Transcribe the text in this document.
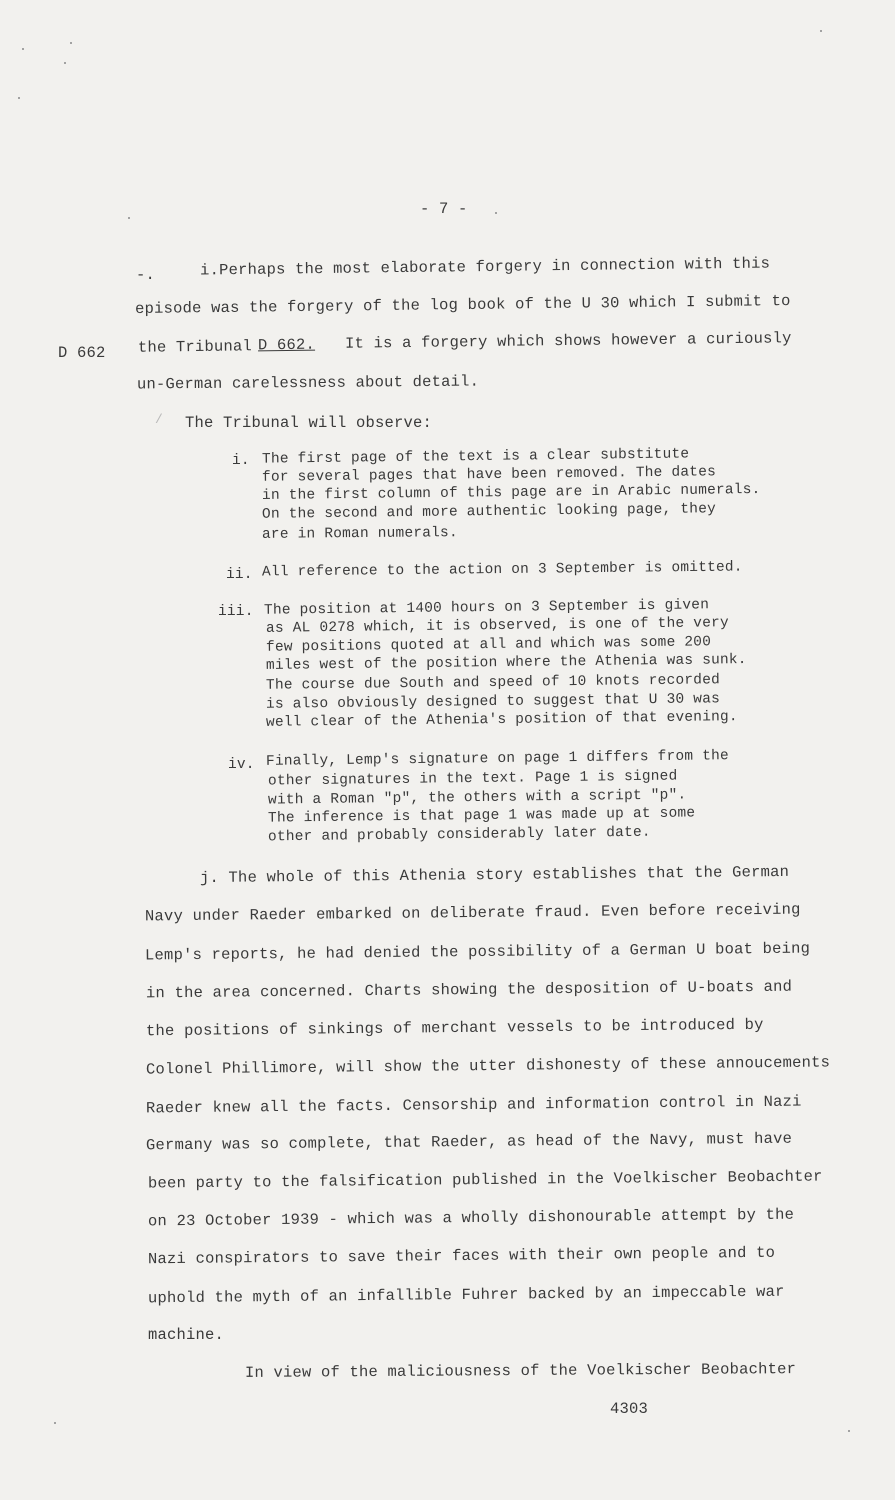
- 7 -
-.	i.Perhaps the most elaborate forgery in connection with this
episode was the forgery of the log book of the U 30 which I submit to
D 662 the Tribunal D 662. It is a forgery which shows however a curiously
un-German carelessness about detail.
The Tribunal will observe:
i. The first page of the text is a clear substitute
for several pages that have been removed. The dates
in the first column of this page are in Arabic numerals.
On the second and more authentic looking page, they
are in Roman numerals.
ii. All reference to the action on 3 September is omitted.
iii. The position at 1400 hours on 3 September is given
as AL 0278 which, it is observed, is one of the very
few positions quoted at all and which was some 200
miles west of the position where the Athenia was sunk.
The course due South and speed of 10 knots recorded
is also obviously designed to suggest that U 30 was
well clear of the Athenia's position of that evening.
iv. Finally, Lemp's signature on page 1 differs from the
other signatures in the text. Page 1 is signed
with a Roman "p", the others with a script "p".
The inference is that page 1 was made up at some
other and probably considerably later date.
j. The whole of this Athenia story establishes that the German
Navy under Raeder embarked on deliberate fraud. Even before receiving
Lemp's reports, he had denied the possibility of a German U boat being
in the area concerned. Charts showing the desposition of U-boats and
the positions of sinkings of merchant vessels to be introduced by
Colonel Phillimore, will show the utter dishonesty of these annoucements
Raeder knew all the facts. Censorship and information control in Nazi
Germany was so complete, that Raeder, as head of the Navy, must have
been party to the falsification published in the Voelkischer Beobachter
on 23 October 1939 - which was a wholly dishonourable attempt by the
Nazi conspirators to save their faces with their own people and to
uphold the myth of an infallible Fuhrer backed by an impeccable war
machine.
In view of the maliciousness of the Voelkischer Beobachter
4303
/
